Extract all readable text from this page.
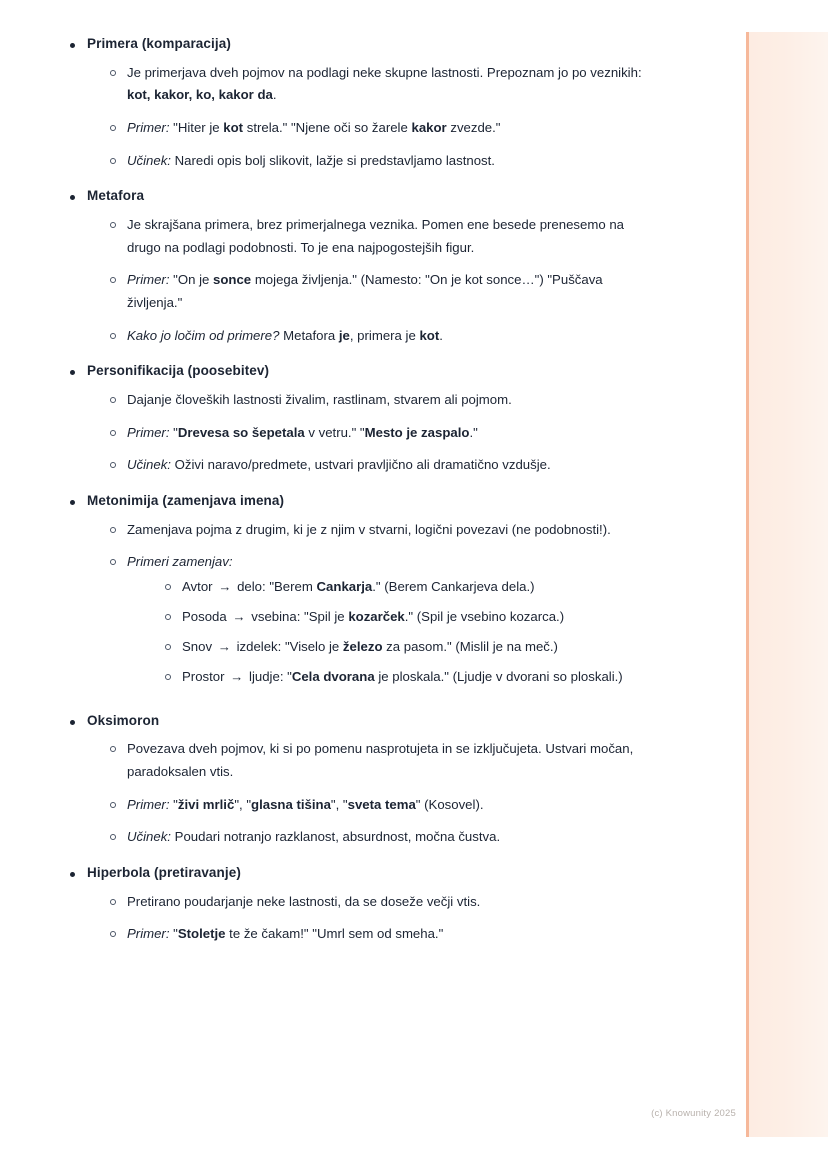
Primera (komparacija)
Je primerjava dveh pojmov na podlagi neke skupne lastnosti. Prepoznam jo po veznikih: kot, kakor, ko, kakor da.
Primer: "Hiter je kot strela." "Njene oči so žarele kakor zvezde."
Učinek: Naredi opis bolj slikovit, lažje si predstavljamo lastnost.
Metafora
Je skrajšana primera, brez primerjalnega veznika. Pomen ene besede prenesemo na drugo na podlagi podobnosti. To je ena najpogostejših figur.
Primer: "On je sonce mojega življenja." (Namesto: "On je kot sonce…") "Puščava življenja."
Kako jo ločim od primere? Metafora je, primera je kot.
Personifikacija (poosebitev)
Dajanje človeških lastnosti živalim, rastlinam, stvarem ali pojmom.
Primer: "Drevesa so šepetala v vetru." "Mesto je zaspalo."
Učinek: Oživi naravo/predmete, ustvari pravljično ali dramatično vzdušje.
Metonimija (zamenjava imena)
Zamenjava pojma z drugim, ki je z njim v stvarni, logični povezavi (ne podobnosti!).
Primeri zamenjav:
Avtor → delo: "Berem Cankarja." (Berem Cankarjeva dela.)
Posoda → vsebina: "Spil je kozarček." (Spil je vsebino kozarca.)
Snov → izdelek: "Viselo je železo za pasom." (Mislil je na meč.)
Prostor → ljudje: "Cela dvorana je ploskala." (Ljudje v dvorani so ploskali.)
Oksimoron
Povezava dveh pojmov, ki si po pomenu nasprotujeta in se izključujeta. Ustvari močan, paradoksalen vtis.
Primer: "živi mrlič", "glasna tišina", "sveta tema" (Kosovel).
Učinek: Poudari notranjo razklanost, absurdnost, močna čustva.
Hiperbola (pretiravanje)
Pretirano poudarjanje neke lastnosti, da se doseže večji vtis.
Primer: "Stoletje te že čakam!" "Umrl sem od smeha."
(c) Knowunity 2025
